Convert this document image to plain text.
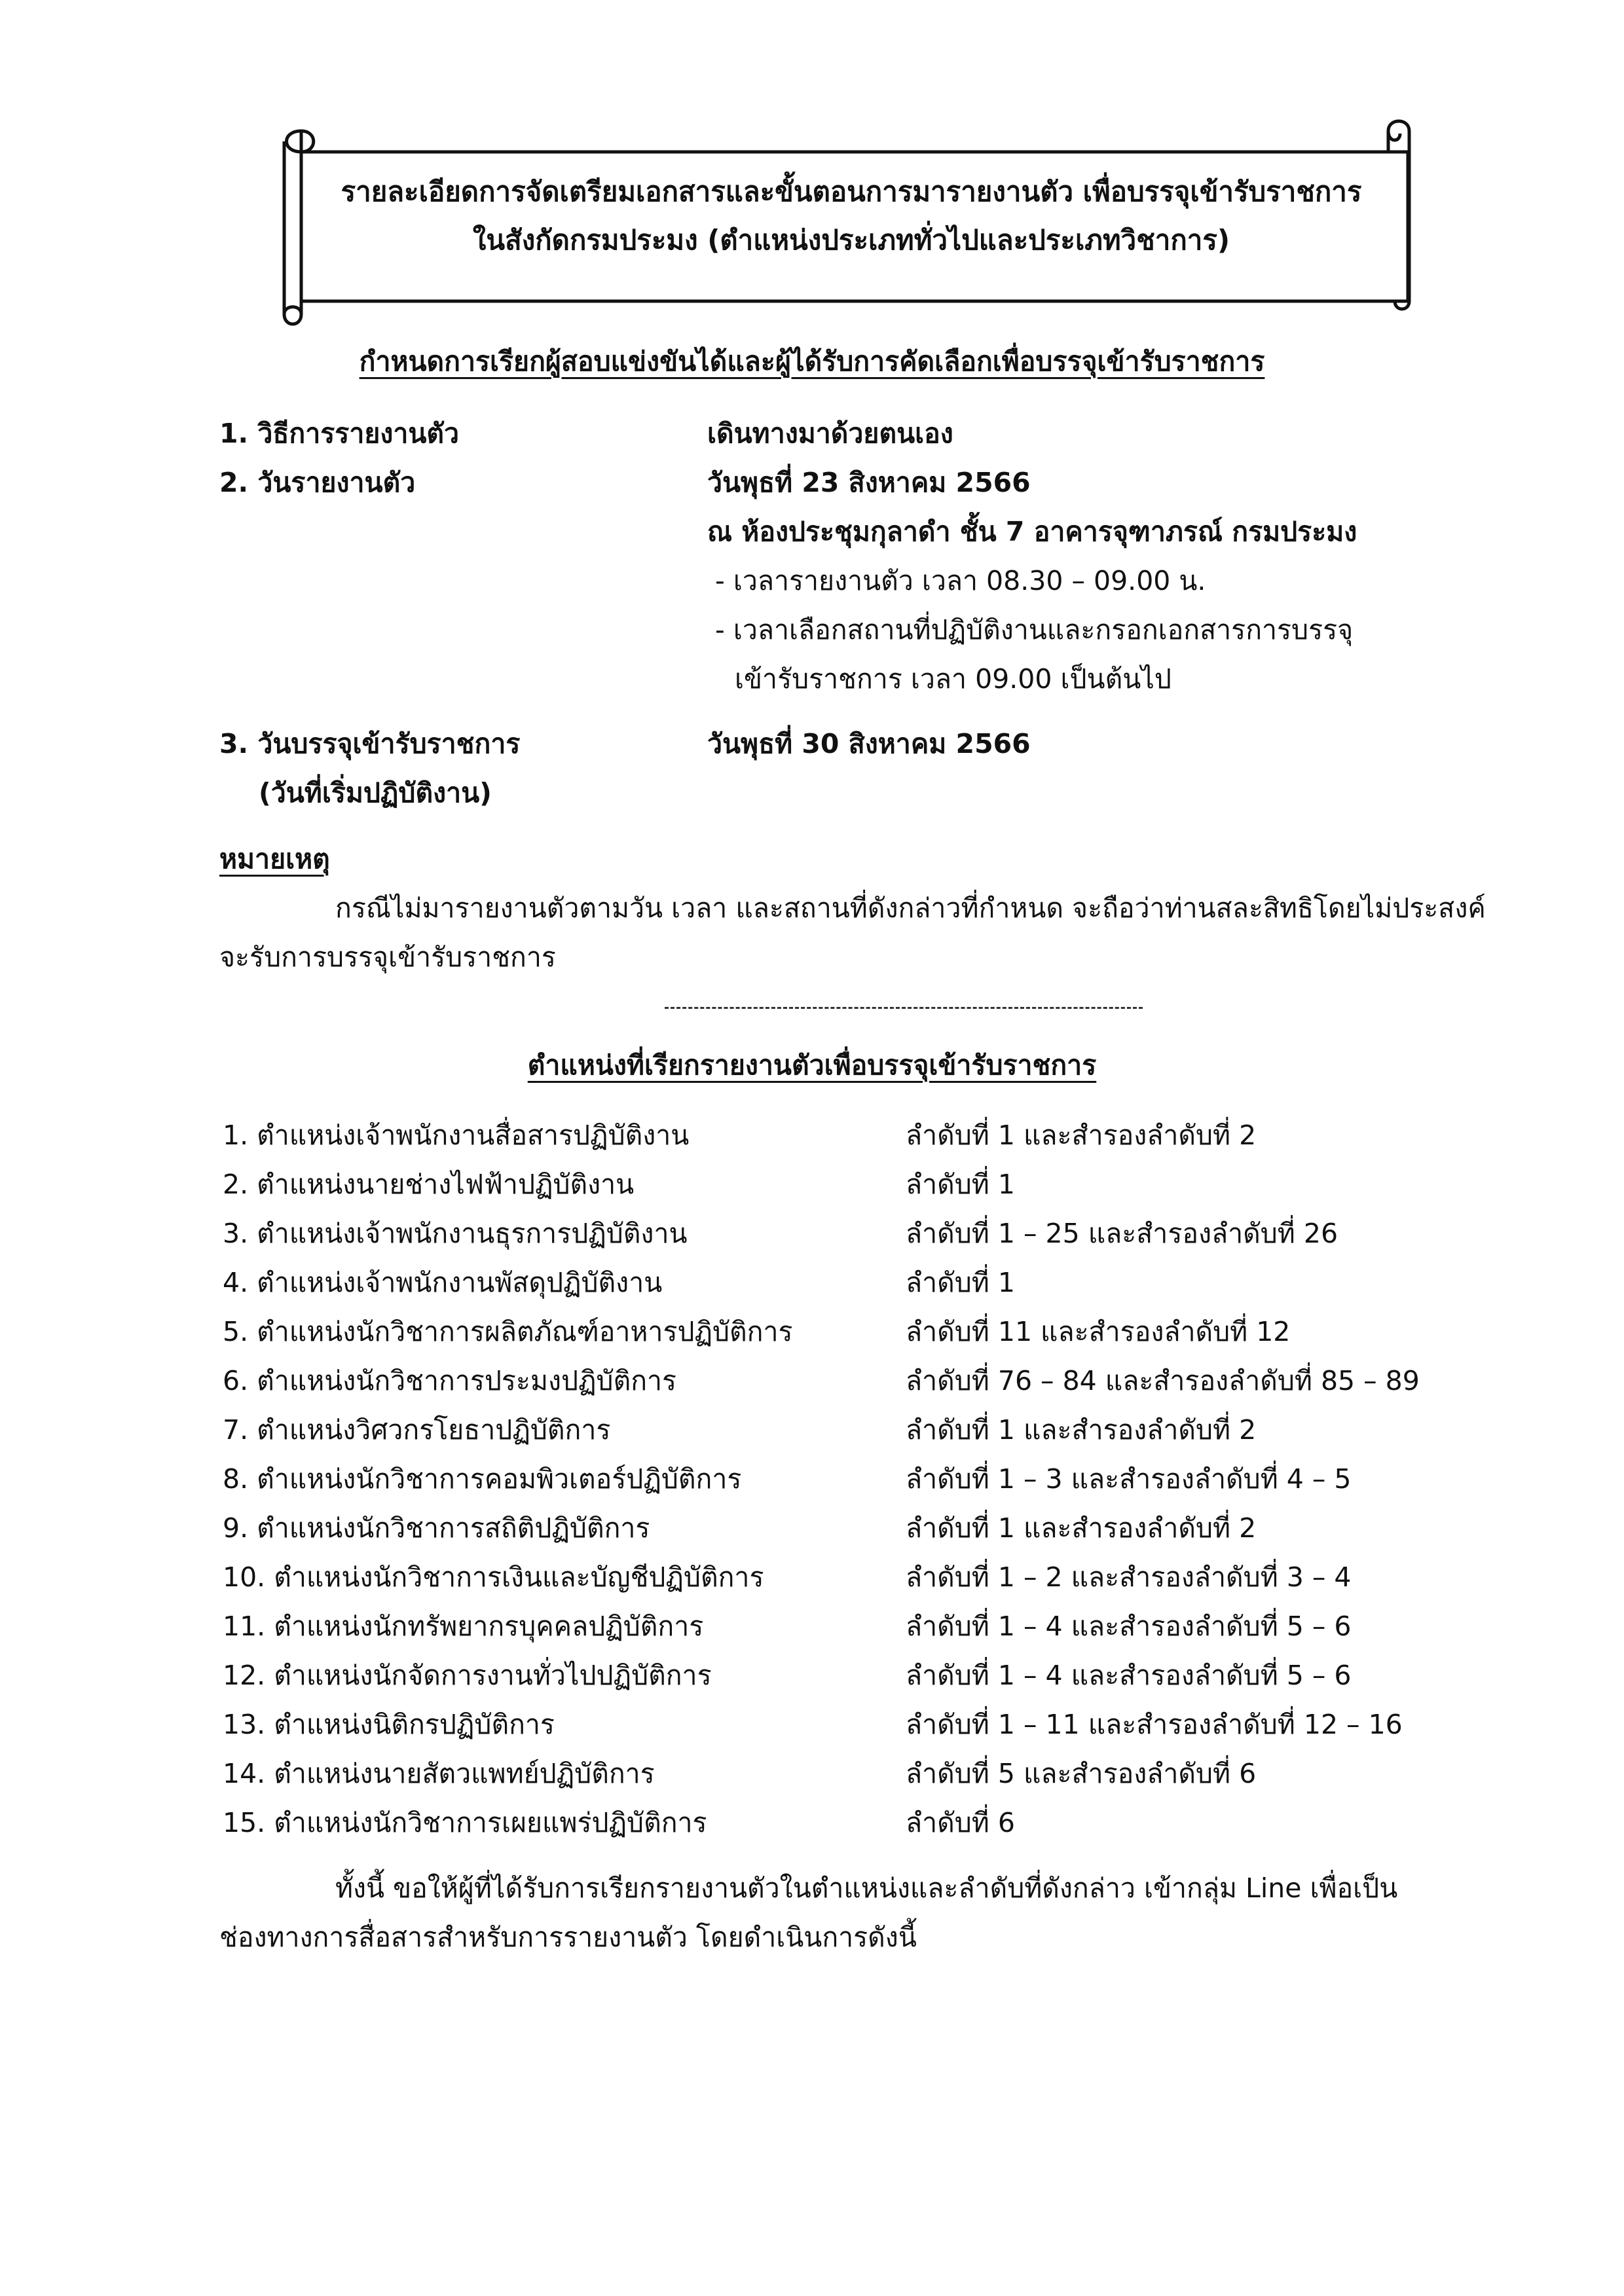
รายละเอียดการจัดเตรียมเอกสารและขั้นตอนการมารายงานตัว เพื่อบรรจุเข้ารับราชการ
ในสังกัดกรมประมง (ตำแหน่งประเภททั่วไปและประเภทวิชาการ)
กำหนดการเรียกผู้สอบแข่งขันได้และผู้ได้รับการคัดเลือกเพื่อบรรจุเข้ารับราชการ
1. วิธีการรายงานตัว	เดินทางมาด้วยตนเอง
2. วันรายงานตัว	วันพุธที่ 23 สิงหาคม 2566
ณ ห้องประชุมกุลาดำ ชั้น 7 อาคารจุฑาภรณ์ กรมประมง
- เวลารายงานตัว เวลา 08.30 – 09.00 น.
- เวลาเลือกสถานที่ปฏิบัติงานและกรอกเอกสารการบรรจุ
เข้ารับราชการ เวลา 09.00 เป็นต้นไป
3. วันบรรจุเข้ารับราชการ
(วันที่เริ่มปฏิบัติงาน)
วันพุธที่ 30 สิงหาคม 2566
หมายเหตุ
กรณีไม่มารายงานตัวตามวัน เวลา และสถานที่ดังกล่าวที่กำหนด จะถือว่าท่านสละสิทธิโดยไม่ประสงค์
จะรับการบรรจุเข้ารับราชการ
ตำแหน่งที่เรียกรายงานตัวเพื่อบรรจุเข้ารับราชการ
1. ตำแหน่งเจ้าพนักงานสื่อสารปฏิบัติงาน	ลำดับที่ 1 และสำรองลำดับที่ 2
2. ตำแหน่งนายช่างไฟฟ้าปฏิบัติงาน	ลำดับที่ 1
3. ตำแหน่งเจ้าพนักงานธุรการปฏิบัติงาน	ลำดับที่ 1 – 25 และสำรองลำดับที่ 26
4. ตำแหน่งเจ้าพนักงานพัสดุปฏิบัติงาน	ลำดับที่ 1
5. ตำแหน่งนักวิชาการผลิตภัณฑ์อาหารปฏิบัติการ	ลำดับที่ 11 และสำรองลำดับที่ 12
6. ตำแหน่งนักวิชาการประมงปฏิบัติการ	ลำดับที่ 76 – 84 และสำรองลำดับที่ 85 – 89
7. ตำแหน่งวิศวกรโยธาปฏิบัติการ	ลำดับที่ 1 และสำรองลำดับที่ 2
8. ตำแหน่งนักวิชาการคอมพิวเตอร์ปฏิบัติการ	ลำดับที่ 1 – 3 และสำรองลำดับที่ 4 – 5
9. ตำแหน่งนักวิชาการสถิติปฏิบัติการ	ลำดับที่ 1 และสำรองลำดับที่ 2
10. ตำแหน่งนักวิชาการเงินและบัญชีปฏิบัติการ	ลำดับที่ 1 – 2 และสำรองลำดับที่ 3 – 4
11. ตำแหน่งนักทรัพยากรบุคคลปฏิบัติการ	ลำดับที่ 1 – 4 และสำรองลำดับที่ 5 – 6
12. ตำแหน่งนักจัดการงานทั่วไปปฏิบัติการ	ลำดับที่ 1 – 4 และสำรองลำดับที่ 5 – 6
13. ตำแหน่งนิติกรปฏิบัติการ	ลำดับที่ 1 – 11 และสำรองลำดับที่ 12 – 16
14. ตำแหน่งนายสัตวแพทย์ปฏิบัติการ	ลำดับที่ 5 และสำรองลำดับที่ 6
15. ตำแหน่งนักวิชาการเผยแพร่ปฏิบัติการ	ลำดับที่ 6
ทั้งนี้ ขอให้ผู้ที่ได้รับการเรียกรายงานตัวในตำแหน่งและลำดับที่ดังกล่าว เข้ากลุ่ม Line เพื่อเป็น
ช่องทางการสื่อสารสำหรับการรายงานตัว โดยดำเนินการดังนี้
